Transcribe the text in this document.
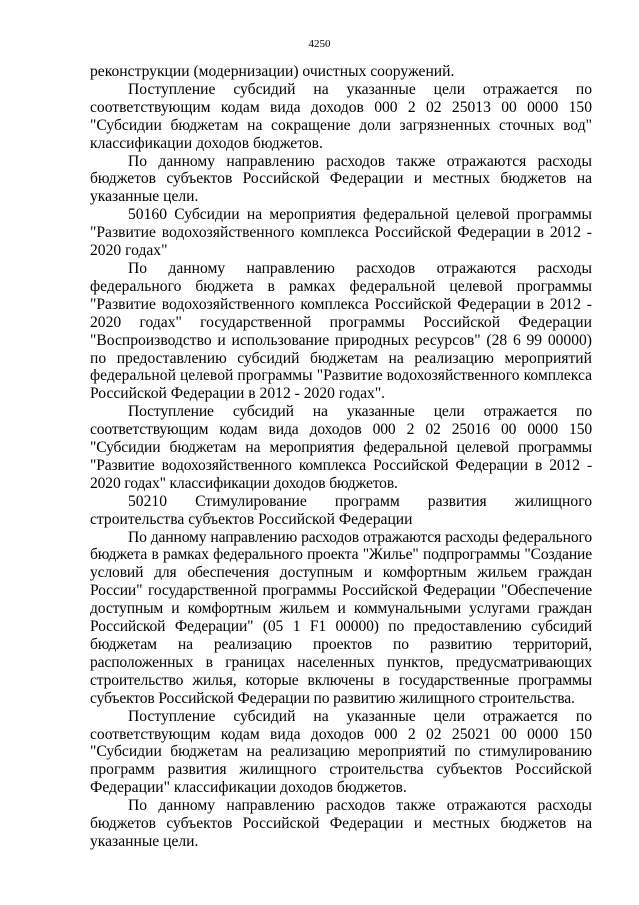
4250

реконструкции (модернизации) очистных сооружений.

Поступление субсидий на указанные цели отражается по соответствующим кодам вида доходов 000 2 02 25013 00 0000 150 "Субсидии бюджетам на сокращение доли загрязненных сточных вод" классификации доходов бюджетов.

По данному направлению расходов также отражаются расходы бюджетов субъектов Российской Федерации и местных бюджетов на указанные цели.

50160 Субсидии на мероприятия федеральной целевой программы "Развитие водохозяйственного комплекса Российской Федерации в 2012 - 2020 годах"

По данному направлению расходов отражаются расходы федерального бюджета в рамках федеральной целевой программы "Развитие водохозяйственного комплекса Российской Федерации в 2012 - 2020 годах" государственной программы Российской Федерации "Воспроизводство и использование природных ресурсов" (28 6 99 00000) по предоставлению субсидий бюджетам на реализацию мероприятий федеральной целевой программы "Развитие водохозяйственного комплекса Российской Федерации в 2012 - 2020 годах".

Поступление субсидий на указанные цели отражается по соответствующим кодам вида доходов 000 2 02 25016 00 0000 150 "Субсидии бюджетам на мероприятия федеральной целевой программы "Развитие водохозяйственного комплекса Российской Федерации в 2012 - 2020 годах" классификации доходов бюджетов.

50210 Стимулирование программ развития жилищного строительства субъектов Российской Федерации

По данному направлению расходов отражаются расходы федерального бюджета в рамках федерального проекта "Жилье" подпрограммы "Создание условий для обеспечения доступным и комфортным жильем граждан России" государственной программы Российской Федерации "Обеспечение доступным и комфортным жильем и коммунальными услугами граждан Российской Федерации" (05 1 F1 00000) по предоставлению субсидий бюджетам на реализацию проектов по развитию территорий, расположенных в границах населенных пунктов, предусматривающих строительство жилья, которые включены в государственные программы субъектов Российской Федерации по развитию жилищного строительства.

Поступление субсидий на указанные цели отражается по соответствующим кодам вида доходов 000 2 02 25021 00 0000 150 "Субсидии бюджетам на реализацию мероприятий по стимулированию программ развития жилищного строительства субъектов Российской Федерации" классификации доходов бюджетов.

По данному направлению расходов также отражаются расходы бюджетов субъектов Российской Федерации и местных бюджетов на указанные цели.
